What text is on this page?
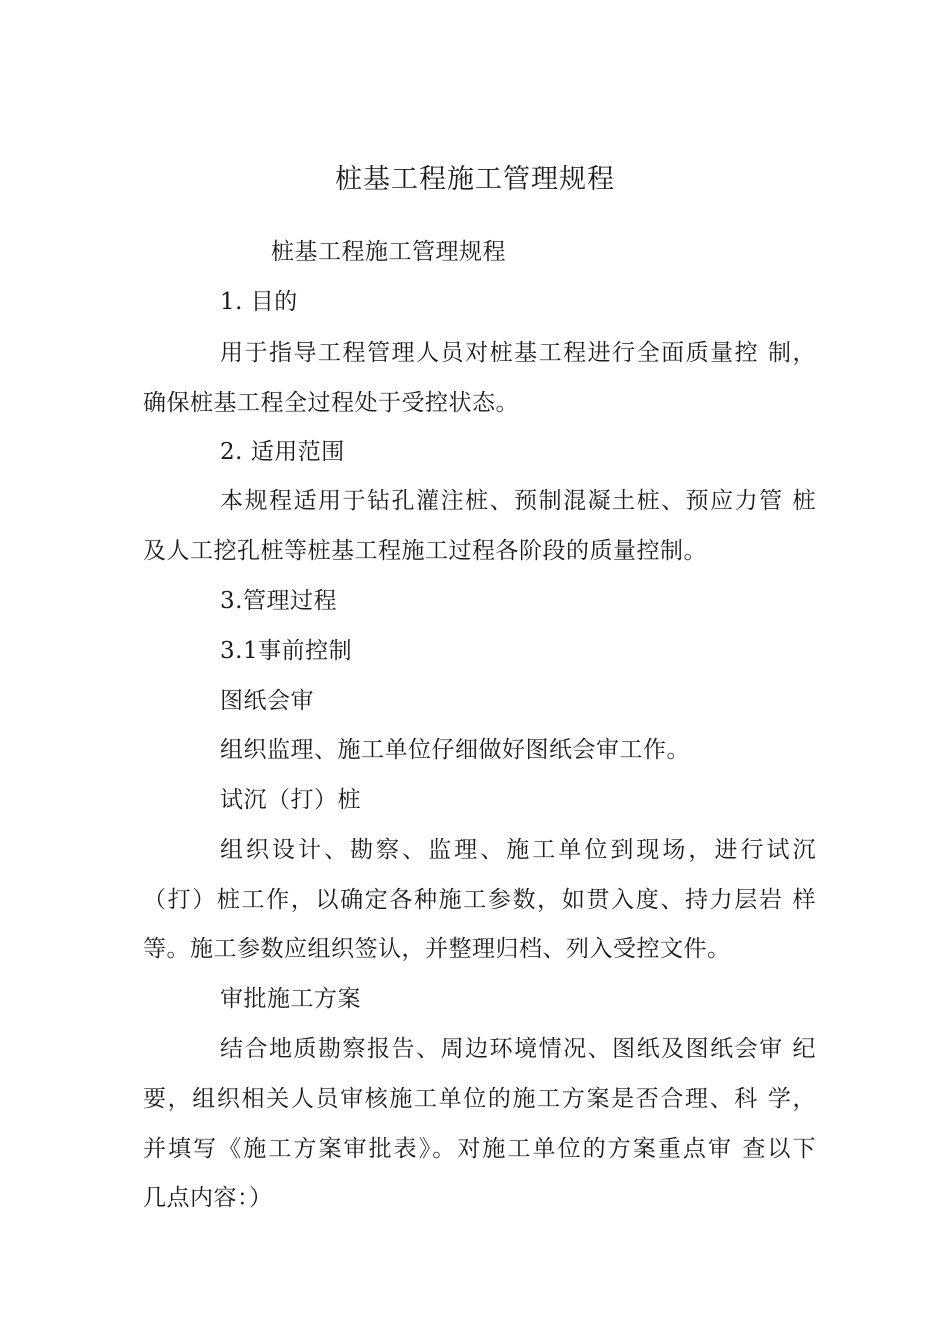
桩基工程施工管理规程
桩基工程施工管理规程
1. 目的
用于指导工程管理人员对桩基工程进行全面质量控 制，
确保桩基工程全过程处于受控状态。
2. 适用范围
本规程适用于钻孔灌注桩、预制混凝土桩、预应力管 桩
及人工挖孔桩等桩基工程施工过程各阶段的质量控制。
3.管理过程
3.1事前控制
图纸会审
组织监理、施工单位仔细做好图纸会审工作。
试沉（打）桩
组织设计、勘察、监理、施工单位到现场，进行试沉
（打）桩工作，以确定各种施工参数，如贯入度、持力层岩 样
等。施工参数应组织签认，并整理归档、列入受控文件。
审批施工方案
结合地质勘察报告、周边环境情况、图纸及图纸会审 纪
要，组织相关人员审核施工单位的施工方案是否合理、科 学，
并填写《施工方案审批表》。对施工单位的方案重点审 查以下
几点内容：）
